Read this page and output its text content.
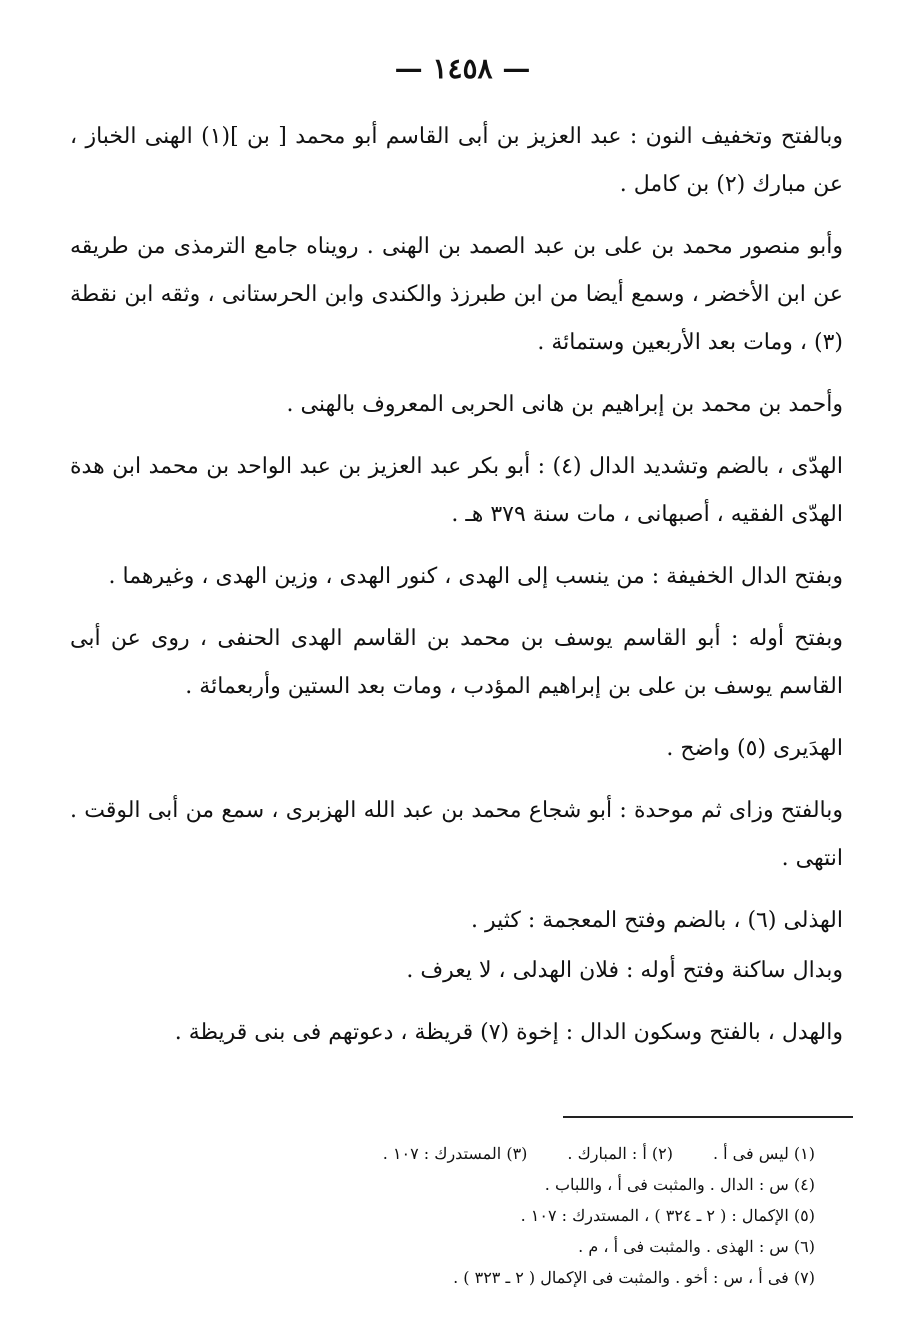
— ١٤٥٨ —

وبالفتح وتخفيف النون : عبد العزيز بن أبى القاسم أبو محمد [ بن ](١) الهنى الخباز ، عن مبارك (٢) بن كامل .

وأبو منصور محمد بن على بن عبد الصمد بن الهنى . رويناه جامع الترمذى من طريقه عن ابن الأخضر ، وسمع أيضا من ابن طبرزذ والكندى وابن الحرستانى ، وثقه ابن نقطة (٣) ، ومات بعد الأربعين وستمائة .

وأحمد بن محمد بن إبراهيم بن هانى الحربى المعروف بالهنى .

الهدّى ، بالضم وتشديد الدال (٤) : أبو بكر عبد العزيز بن عبد الواحد بن محمد ابن هدة الهدّى الفقيه ، أصبهانى ، مات سنة ٣٧٩ هـ .

وبفتح الدال الخفيفة : من ينسب إلى الهدى ، كنور الهدى ، وزين الهدى ، وغيرهما .

وبفتح أوله : أبو القاسم يوسف بن محمد بن القاسم الهدى الحنفى ، روى عن أبى القاسم يوسف بن على بن إبراهيم المؤدب ، ومات بعد الستين وأربعمائة .

الهدَيرى (٥) واضح .

وبالفتح وزاى ثم موحدة : أبو شجاع محمد بن عبد الله الهزبرى ، سمع من أبى الوقت . انتهى .

الهذلى (٦) ، بالضم وفتح المعجمة : كثير .

وبدال ساكنة وفتح أوله : فلان الهدلى ، لا يعرف .

والهدل ، بالفتح وسكون الدال : إخوة (٧) قريظة ، دعوتهم فى بنى قريظة .

(١) ليس فى أ .
(٢) أ : المبارك .
(٣) المستدرك : ١٠٧ .
(٤) س : الدال . والمثبت فى أ ، واللباب .
(٥) الإكمال : ( ٢ ـ ٣٢٤ ) ، المستدرك : ١٠٧ .
(٦) س : الهذى . والمثبت فى أ ، م .
(٧) فى أ ، س : أخو . والمثبت فى الإكمال ( ٢ ـ ٣٢٣ ) .
